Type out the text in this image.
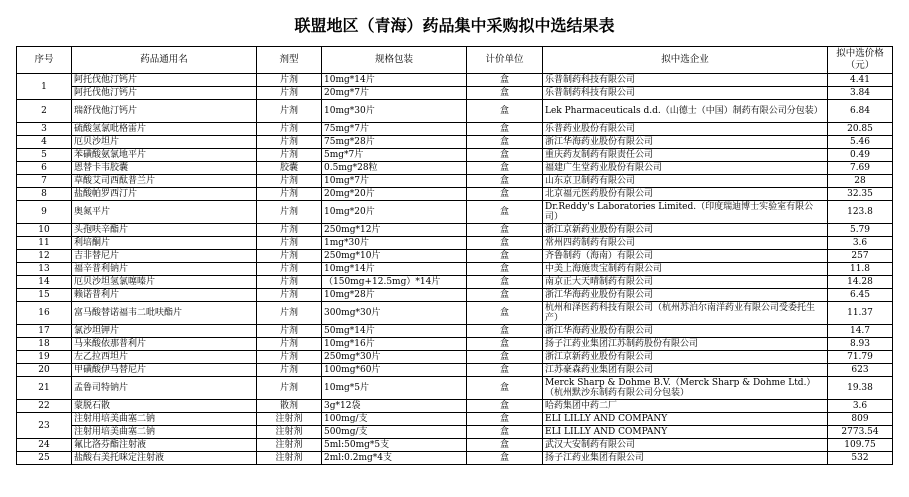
联盟地区（青海）药品集中采购拟中选结果表
序号	药品通用名	剂型	规格包装	计价单位	拟中选企业	拟中选价格（元）
1	阿托伐他汀钙片	片剂	10mg*14片	盒	乐普制药科技有限公司	4.41
	阿托伐他汀钙片	片剂	20mg*7片	盒	乐普制药科技有限公司	3.84
2	瑞舒伐他汀钙片	片剂	10mg*30片	盒	Lek Pharmaceuticals d.d.（山德士（中国）制药有限公司分包装）	6.84
3	硫酸氢氯吡格雷片	片剂	75mg*7片	盒	乐普药业股份有限公司	20.85
4	厄贝沙坦片	片剂	75mg*28片	盒	浙江华海药业股份有限公司	5.46
5	苯磺酸氨氯地平片	片剂	5mg*7片	盒	重庆药友制药有限责任公司	0.49
6	恩替卡韦胶囊	胶囊	0.5mg*28粒	盒	福建广生堂药业股份有限公司	7.69
7	草酸艾司西酞普兰片	片剂	10mg*7片	盒	山东京卫制药有限公司	28
8	盐酸帕罗西汀片	片剂	20mg*20片	盒	北京福元医药股份有限公司	32.35
9	奥氮平片	片剂	10mg*20片	盒	Dr.Reddy's Laboratories Limited.（印度瑞迪博士实验室有限公司）	123.8
10	头孢呋辛酯片	片剂	250mg*12片	盒	浙江京新药业股份有限公司	5.79
11	利培酮片	片剂	1mg*30片	盒	常州四药制药有限公司	3.6
12	吉非替尼片	片剂	250mg*10片	盒	齐鲁制药（海南）有限公司	257
13	福辛普利钠片	片剂	10mg*14片	盒	中美上海施贵宝制药有限公司	11.8
14	厄贝沙坦氢氯噻嗪片	片剂	（150mg+12.5mg）*14片	盒	南京正大天晴制药有限公司	14.28
15	赖诺普利片	片剂	10mg*28片	盒	浙江华海药业股份有限公司	6.45
16	富马酸替诺福韦二吡呋酯片	片剂	300mg*30片	盒	杭州和泽医药科技有限公司（杭州苏泊尔南洋药业有限公司受委托生产）	11.37
17	氯沙坦钾片	片剂	50mg*14片	盒	浙江华海药业股份有限公司	14.7
18	马来酸依那普利片	片剂	10mg*16片	盒	扬子江药业集团江苏制药股份有限公司	8.93
19	左乙拉西坦片	片剂	250mg*30片	盒	浙江京新药业股份有限公司	71.79
20	甲磺酸伊马替尼片	片剂	100mg*60片	盒	江苏豪森药业集团有限公司	623
21	孟鲁司特钠片	片剂	10mg*5片	盒	Merck Sharp & Dohme B.V.（Merck Sharp & Dohme Ltd.）（杭州默沙东制药有限公司分包装）	19.38
22	蒙脱石散	散剂	3g*12袋	盒	哈药集团中药二厂	3.6
23	注射用培美曲塞二钠	注射剂	100mg/支	盒	ELI LILLY AND COMPANY	809
	注射用培美曲塞二钠	注射剂	500mg/支	盒	ELI LILLY AND COMPANY	2773.54
24	氟比洛芬酯注射液	注射剂	5ml:50mg*5支	盒	武汉大安制药有限公司	109.75
25	盐酸右美托咪定注射液	注射剂	2ml:0.2mg*4支	盒	扬子江药业集团有限公司	532
